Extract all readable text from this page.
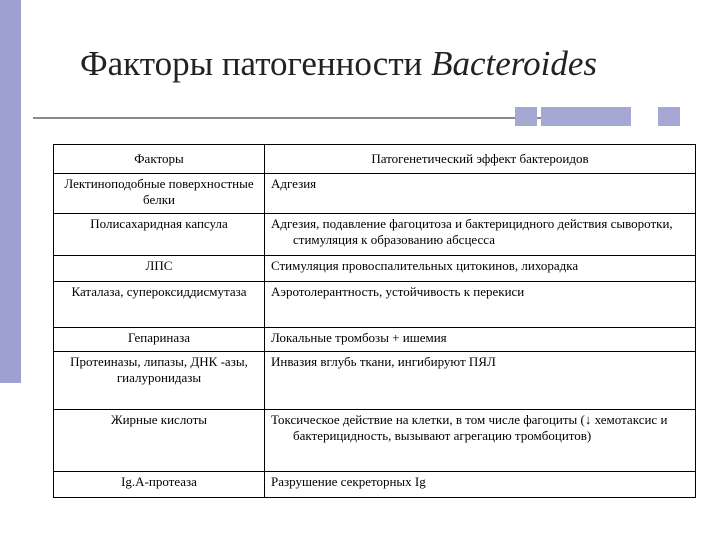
Факторы патогенности Bacteroides
Факторы	Патогенетический эффект бактероидов
Лектиноподобные поверхностные белки	Адгезия
Полисахаридная капсула	Адгезия, подавление фагоцитоза и бактерицидного действия сыворотки, стимуляция к образованию абсцесса

ЛПС	Стимуляция провоспалительных цитокинов, лихорадка
Каталаза, супероксиддисмутаза	Аэротолерантность, устойчивость к перекиси
Гепариназа	Локальные тромбозы + ишемия
Протеиназы, липазы, ДНК -азы, гиалуронидазы	Инвазия вглубь ткани, ингибируют ПЯЛ
Жирные кислоты	Токсическое действие на клетки, в том числе фагоциты (↓ хемотаксис и бактерицидность, вызывают агрегацию тромбоцитов)

Ig.A-протеаза	Разрушение секреторных Ig
